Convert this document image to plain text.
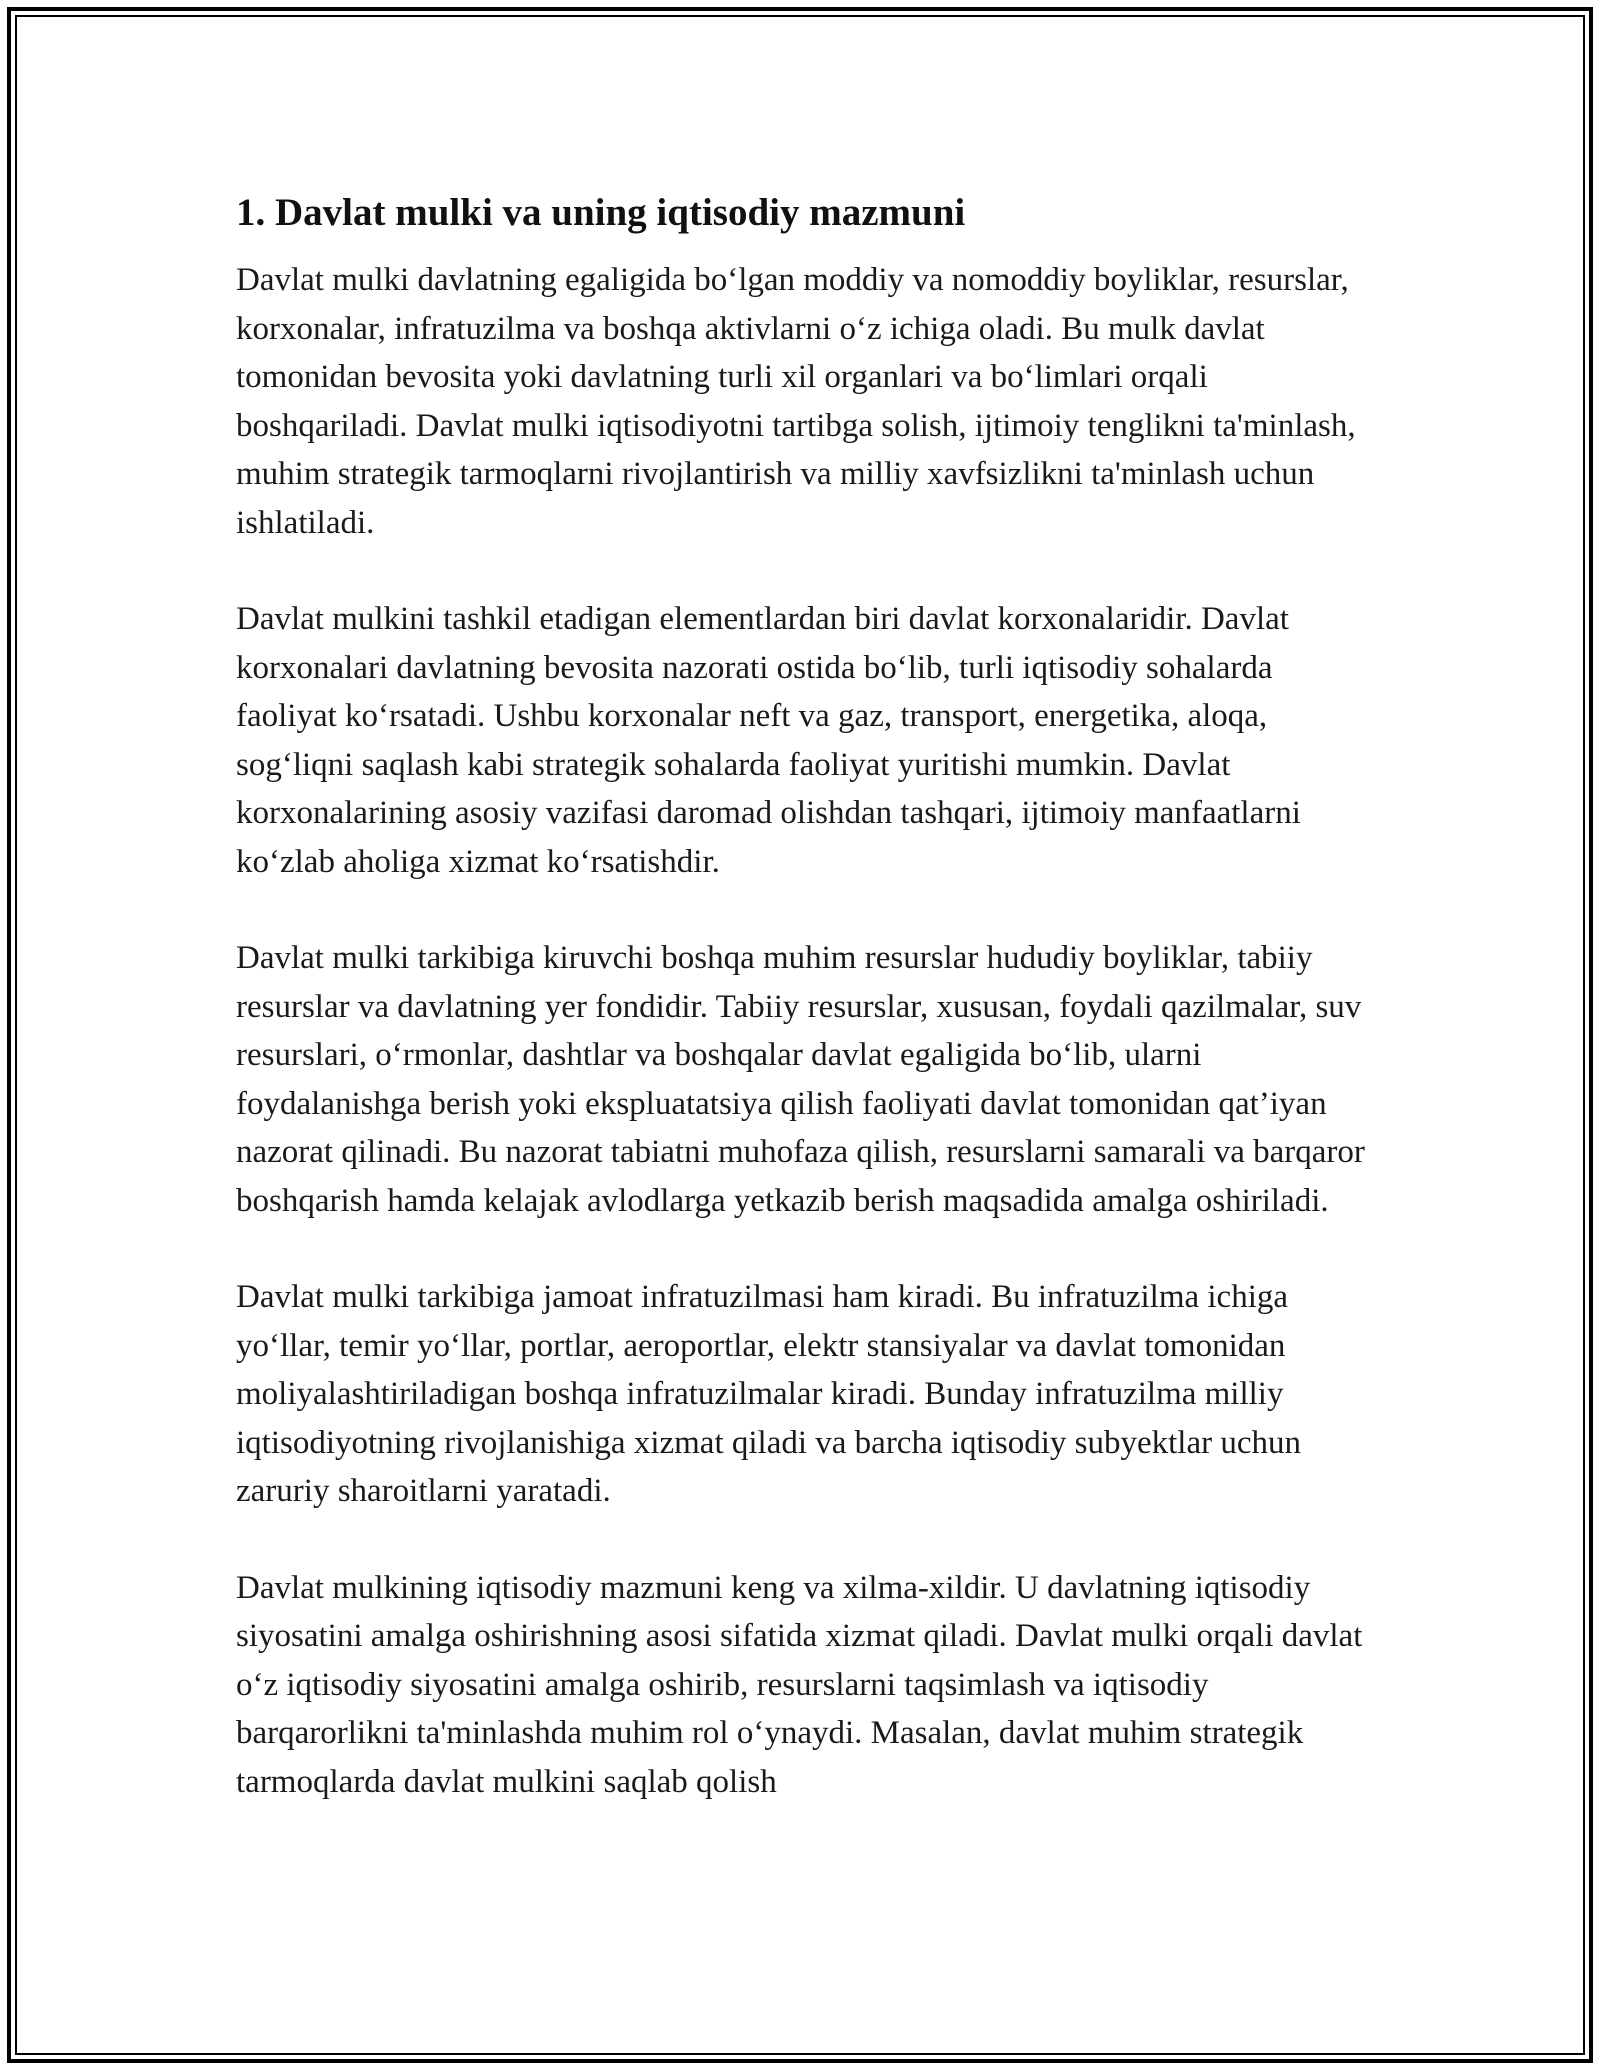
1. Davlat mulki va uning iqtisodiy mazmuni

Davlat mulki davlatning egaligida bo‘lgan moddiy va nomoddiy boyliklar, resurslar, korxonalar, infratuzilma va boshqa aktivlarni o‘z ichiga oladi. Bu mulk davlat tomonidan bevosita yoki davlatning turli xil organlari va bo‘limlari orqali boshqariladi. Davlat mulki iqtisodiyotni tartibga solish, ijtimoiy tenglikni ta'minlash, muhim strategik tarmoqlarni rivojlantirish va milliy xavfsizlikni ta'minlash uchun ishlatiladi.

Davlat mulkini tashkil etadigan elementlardan biri davlat korxonalaridir. Davlat korxonalari davlatning bevosita nazorati ostida bo‘lib, turli iqtisodiy sohalarda faoliyat ko‘rsatadi. Ushbu korxonalar neft va gaz, transport, energetika, aloqa, sog‘liqni saqlash kabi strategik sohalarda faoliyat yuritishi mumkin. Davlat korxonalarining asosiy vazifasi daromad olishdan tashqari, ijtimoiy manfaatlarni ko‘zlab aholiga xizmat ko‘rsatishdir.

Davlat mulki tarkibiga kiruvchi boshqa muhim resurslar hududiy boyliklar, tabiiy resurslar va davlatning yer fondidir. Tabiiy resurslar, xususan, foydali qazilmalar, suv resurslari, o‘rmonlar, dashtlar va boshqalar davlat egaligida bo‘lib, ularni foydalanishga berish yoki ekspluatatsiya qilish faoliyati davlat tomonidan qat’iyan nazorat qilinadi. Bu nazorat tabiatni muhofaza qilish, resurslarni samarali va barqaror boshqarish hamda kelajak avlodlarga yetkazib berish maqsadida amalga oshiriladi.

Davlat mulki tarkibiga jamoat infratuzilmasi ham kiradi. Bu infratuzilma ichiga yo‘llar, temir yo‘llar, portlar, aeroportlar, elektr stansiyalar va davlat tomonidan moliyalashtiriladigan boshqa infratuzilmalar kiradi. Bunday infratuzilma milliy iqtisodiyotning rivojlanishiga xizmat qiladi va barcha iqtisodiy subyektlar uchun zaruriy sharoitlarni yaratadi.

Davlat mulkining iqtisodiy mazmuni keng va xilma-xildir. U davlatning iqtisodiy siyosatini amalga oshirishning asosi sifatida xizmat qiladi. Davlat mulki orqali davlat o‘z iqtisodiy siyosatini amalga oshirib, resurslarni taqsimlash va iqtisodiy barqarorlikni ta'minlashda muhim rol o‘ynaydi. Masalan, davlat muhim strategik tarmoqlarda davlat mulkini saqlab qolish
